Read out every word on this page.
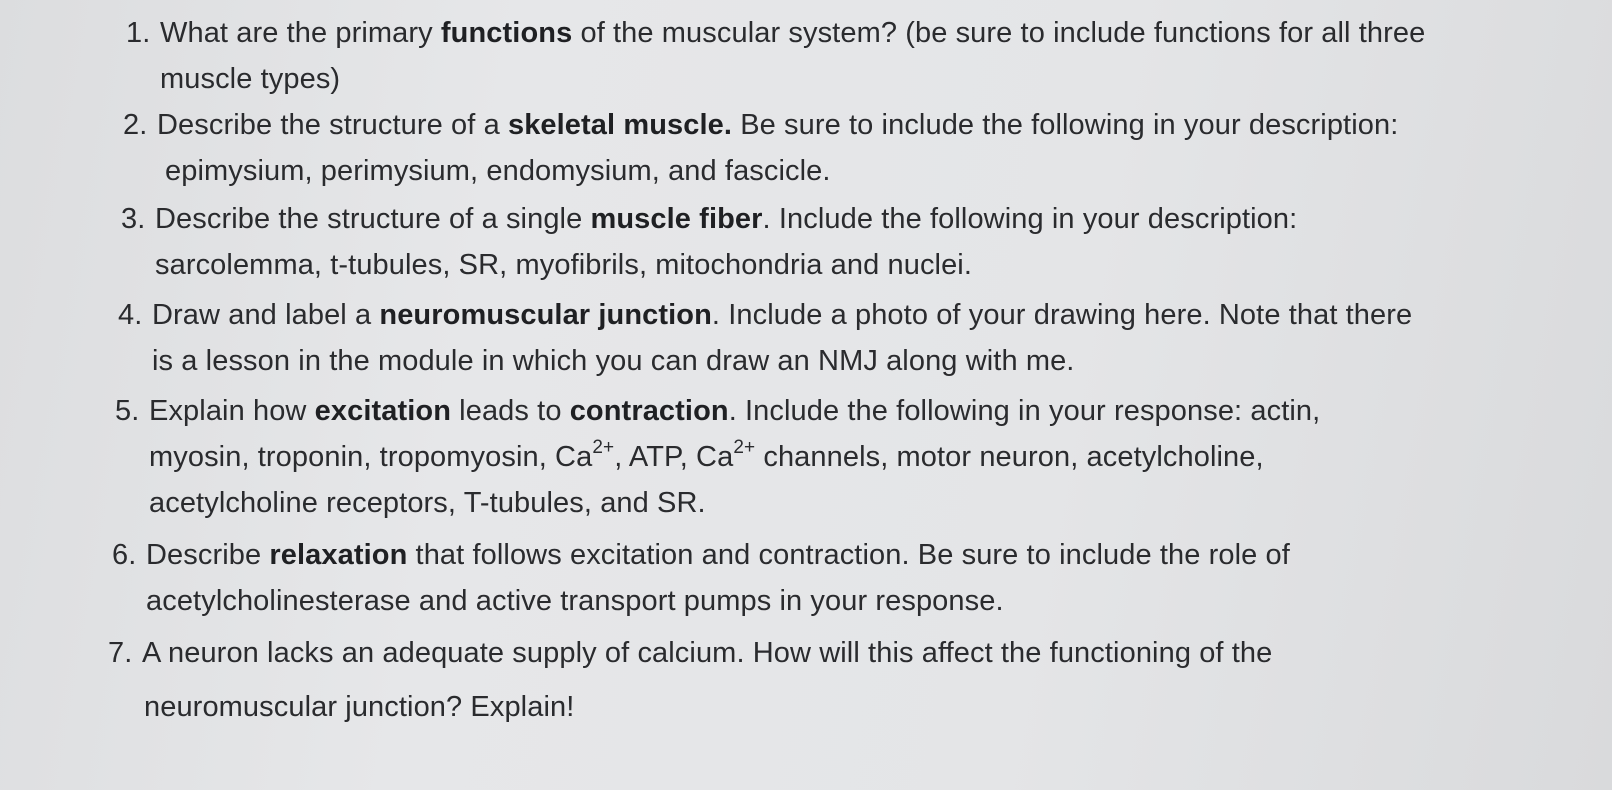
1. What are the primary functions of the muscular system? (be sure to include functions for all three
muscle types)
2. Describe the structure of a skeletal muscle. Be sure to include the following in your description:
epimysium, perimysium, endomysium, and fascicle.
3. Describe the structure of a single muscle fiber. Include the following in your description:
sarcolemma, t-tubules, SR, myofibrils, mitochondria and nuclei.
4. Draw and label a neuromuscular junction. Include a photo of your drawing here. Note that there
is a lesson in the module in which you can draw an NMJ along with me.
5. Explain how excitation leads to contraction. Include the following in your response: actin,
myosin, troponin, tropomyosin, $Ca^{2+}$, ATP, $Ca^{2+}$ channels, motor neuron, acetylcholine,
acetylcholine receptors, T-tubules, and SR.
6. Describe relaxation that follows excitation and contraction. Be sure to include the role of
acetylcholinesterase and active transport pumps in your response.
7. A neuron lacks an adequate supply of calcium. How will this affect the functioning of the
neuromuscular junction? Explain!
